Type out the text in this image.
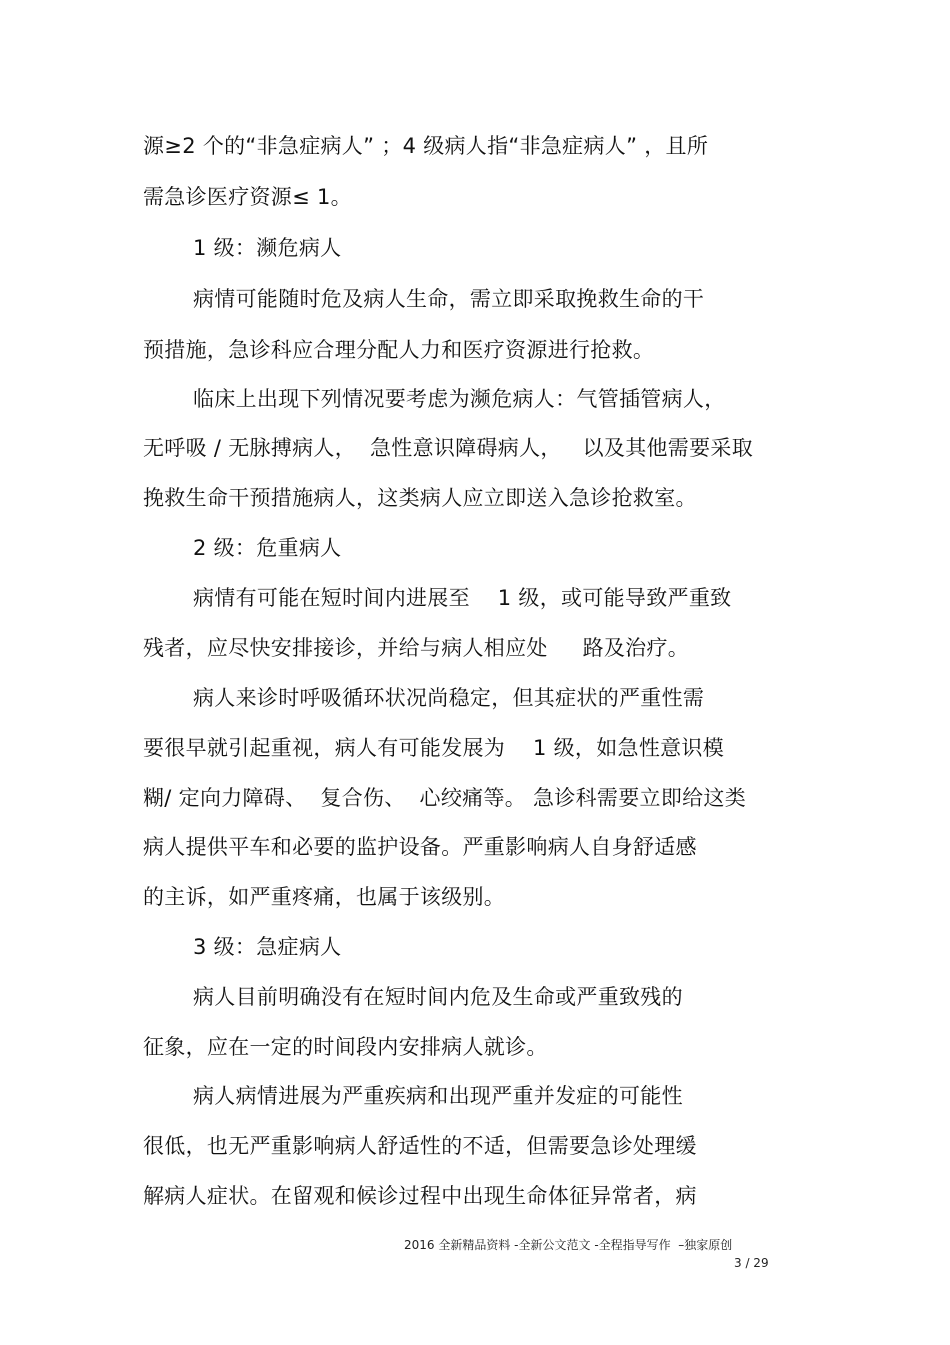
源≥2 个的“非急症病人” ；4 级病人指“非急症病人” ，且所
需急诊医疗资源≤ 1。
1 级：濒危病人
病情可能随时危及病人生命，需立即采取挽救生命的干
预措施，急诊科应合理分配人力和医疗资源进行抢救。
临床上出现下列情况要考虑为濒危病人：气管插管病人，
无呼吸 / 无脉搏病人，  急性意识障碍病人，   以及其他需要采取
挽救生命干预措施病人，这类病人应立即送入急诊抢救室。
2 级：危重病人
病情有可能在短时间内进展至    1 级，或可能导致严重致
残者，应尽快安排接诊，并给与病人相应处     路及治疗。
病人来诊时呼吸循环状况尚稳定，但其症状的严重性需
要很早就引起重视，病人有可能发展为    1 级，如急性意识模
糊/ 定向力障碍、  复合伤、  心绞痛等。 急诊科需要立即给这类
病人提供平车和必要的监护设备。严重影响病人自身舒适感
的主诉，如严重疼痛，也属于该级别。
3 级：急症病人
病人目前明确没有在短时间内危及生命或严重致残的
征象，应在一定的时间段内安排病人就诊。
病人病情进展为严重疾病和出现严重并发症的可能性
很低，也无严重影响病人舒适性的不适，但需要急诊处理缓
解病人症状。在留观和候诊过程中出现生命体征异常者，病
2016 全新精品资料 -全新公文范文 -全程指导写作  –独家原创
3 / 29
